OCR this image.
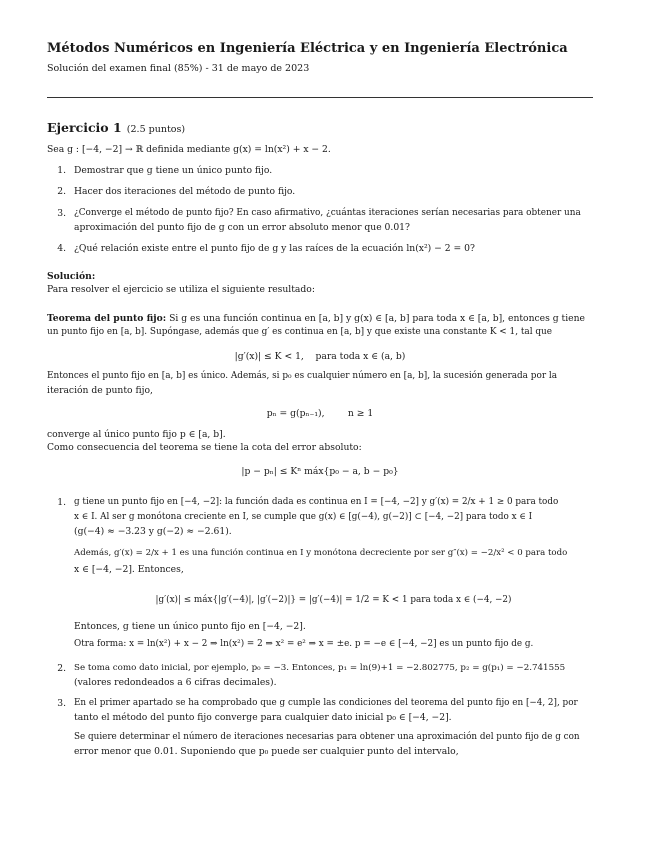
Métodos Numéricos en Ingeniería Eléctrica y en Ingeniería Electrónica
Solución del examen final (85%) - 31 de mayo de 2023
Ejercicio 1 (2.5 puntos)
Sea g : [−4, −2] → ℝ definida mediante g(x) = ln(x²) + x − 2.
1. Demostrar que g tiene un único punto fijo.
2. Hacer dos iteraciones del método de punto fijo.
3. ¿Converge el método de punto fijo? En caso afirmativo, ¿cuántas iteraciones serían necesarias para obtener una
aproximación del punto fijo de g con un error absoluto menor que 0.01?
4. ¿Qué relación existe entre el punto fijo de g y las raíces de la ecuación ln(x²) − 2 = 0?
Solución:
Para resolver el ejercicio se utiliza el siguiente resultado:
Teorema del punto fijo: Si g es una función continua en [a, b] y g(x) ∈ [a, b] para toda x ∈ [a, b], entonces g tiene
un punto fijo en [a, b]. Supóngase, además que g′ es continua en [a, b] y que existe una constante K < 1, tal que
|g′(x)| ≤ K < 1,    para toda x ∈ (a, b)
Entonces el punto fijo en [a, b] es único. Además, si p₀ es cualquier número en [a, b], la sucesión generada por la
iteración de punto fijo,
pₙ = g(pₙ₋₁),        n ≥ 1
converge al único punto fijo p ∈ [a, b].
Como consecuencia del teorema se tiene la cota del error absoluto:
|p − pₙ| ≤ Kⁿ máx{p₀ − a, b − p₀}
1. g tiene un punto fijo en [−4, −2]: la función dada es continua en I = [−4, −2] y g′(x) = 2/x + 1 ≥ 0 para todo
x ∈ I. Al ser g monótona creciente en I, se cumple que g(x) ∈ [g(−4), g(−2)] ⊂ [−4, −2] para todo x ∈ I
(g(−4) ≈ −3.23 y g(−2) ≈ −2.61).
Además, g′(x) = 2/x + 1 es una función continua en I y monótona decreciente por ser g″(x) = −2/x² < 0 para todo
x ∈ [−4, −2]. Entonces,
|g′(x)| ≤ máx{|g′(−4)|, |g′(−2)|} = |g′(−4)| = 1/2 = K < 1 para toda x ∈ (−4, −2)
Entonces, g tiene un único punto fijo en [−4, −2].
Otra forma: x = ln(x²) + x − 2 ⇒ ln(x²) = 2 ⇒ x² = e² ⇒ x = ±e. p = −e ∈ [−4, −2] es un punto fijo de g.
2. Se toma como dato inicial, por ejemplo, p₀ = −3. Entonces, p₁ = ln(9)+1 = −2.802775, p₂ = g(p₁) = −2.741555
(valores redondeados a 6 cifras decimales).
3. En el primer apartado se ha comprobado que g cumple las condiciones del teorema del punto fijo en [−4, 2], por
tanto el método del punto fijo converge para cualquier dato inicial p₀ ∈ [−4, −2].
Se quiere determinar el número de iteraciones necesarias para obtener una aproximación del punto fijo de g con
error menor que 0.01. Suponiendo que p₀ puede ser cualquier punto del intervalo,
